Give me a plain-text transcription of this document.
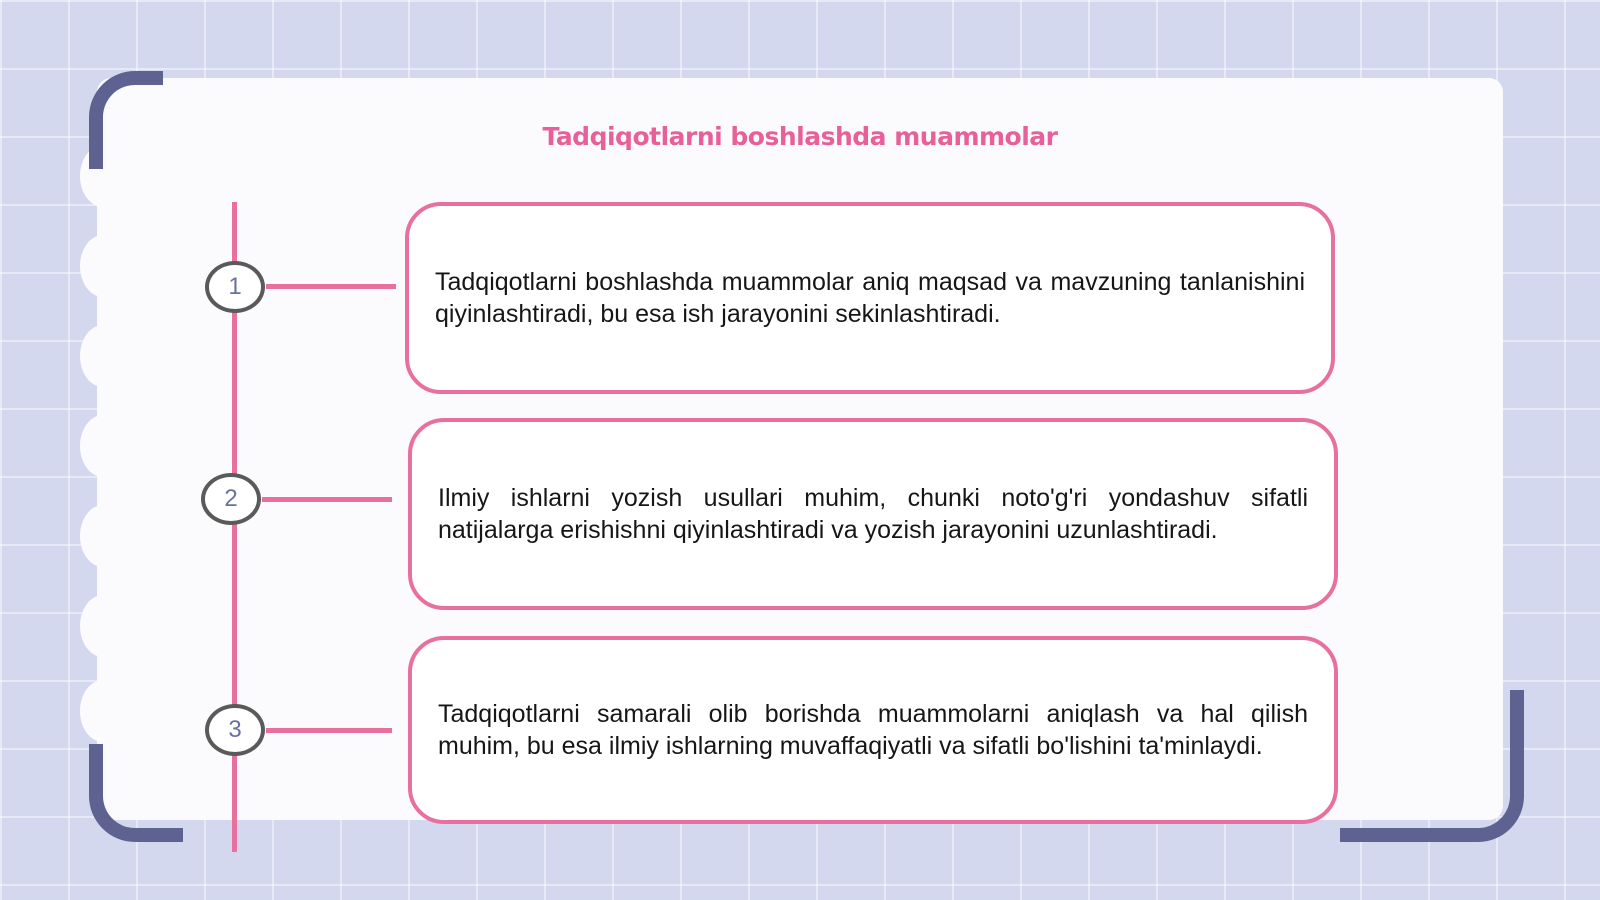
Tadqiqotlarni boshlashda muammolar
1
2
3
Tadqiqotlarni boshlashda muammolar aniq maqsad va mavzuning tanlanishini qiyinlashtiradi, bu esa ish jarayonini sekinlashtiradi.
Ilmiy ishlarni yozish usullari muhim, chunki noto'g'ri yondashuv sifatli natijalarga erishishni qiyinlashtiradi va yozish jarayonini uzunlashtiradi.
Tadqiqotlarni samarali olib borishda muammolarni aniqlash va hal qilish muhim, bu esa ilmiy ishlarning muvaffaqiyatli va sifatli bo'lishini ta'minlaydi.
